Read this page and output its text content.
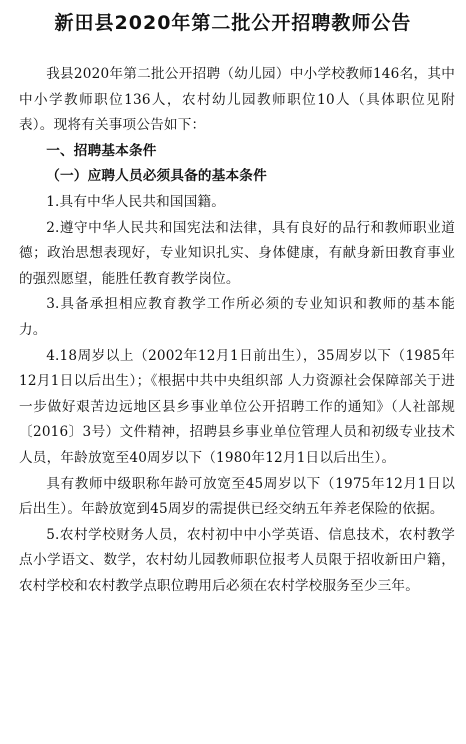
新田县2020年第二批公开招聘教师公告

我县2020年第二批公开招聘（幼儿园）中小学校教师146名，其中中小学教师职位136人，农村幼儿园教师职位10人（具体职位见附表）。现将有关事项公告如下：

一、招聘基本条件

（一）应聘人员必须具备的基本条件

1.具有中华人民共和国国籍。

2.遵守中华人民共和国宪法和法律，具有良好的品行和教师职业道德；政治思想表现好，专业知识扎实、身体健康，有献身新田教育事业的强烈愿望，能胜任教育教学岗位。

3.具备承担相应教育教学工作所必须的专业知识和教师的基本能力。

4.18周岁以上（2002年12月1日前出生），35周岁以下（1985年12月1日以后出生）；《根据中共中央组织部 人力资源社会保障部关于进一步做好艰苦边远地区县乡事业单位公开招聘工作的通知》（人社部规〔2016〕3号）文件精神，招聘县乡事业单位管理人员和初级专业技术人员，年龄放宽至40周岁以下（1980年12月1日以后出生）。

具有教师中级职称年龄可放宽至45周岁以下（1975年12月1日以后出生）。年龄放宽到45周岁的需提供已经交纳五年养老保险的依据。

5.农村学校财务人员，农村初中中小学英语、信息技术，农村教学点小学语文、数学，农村幼儿园教师职位报考人员限于招收新田户籍，农村学校和农村教学点职位聘用后必须在农村学校服务至少三年。
